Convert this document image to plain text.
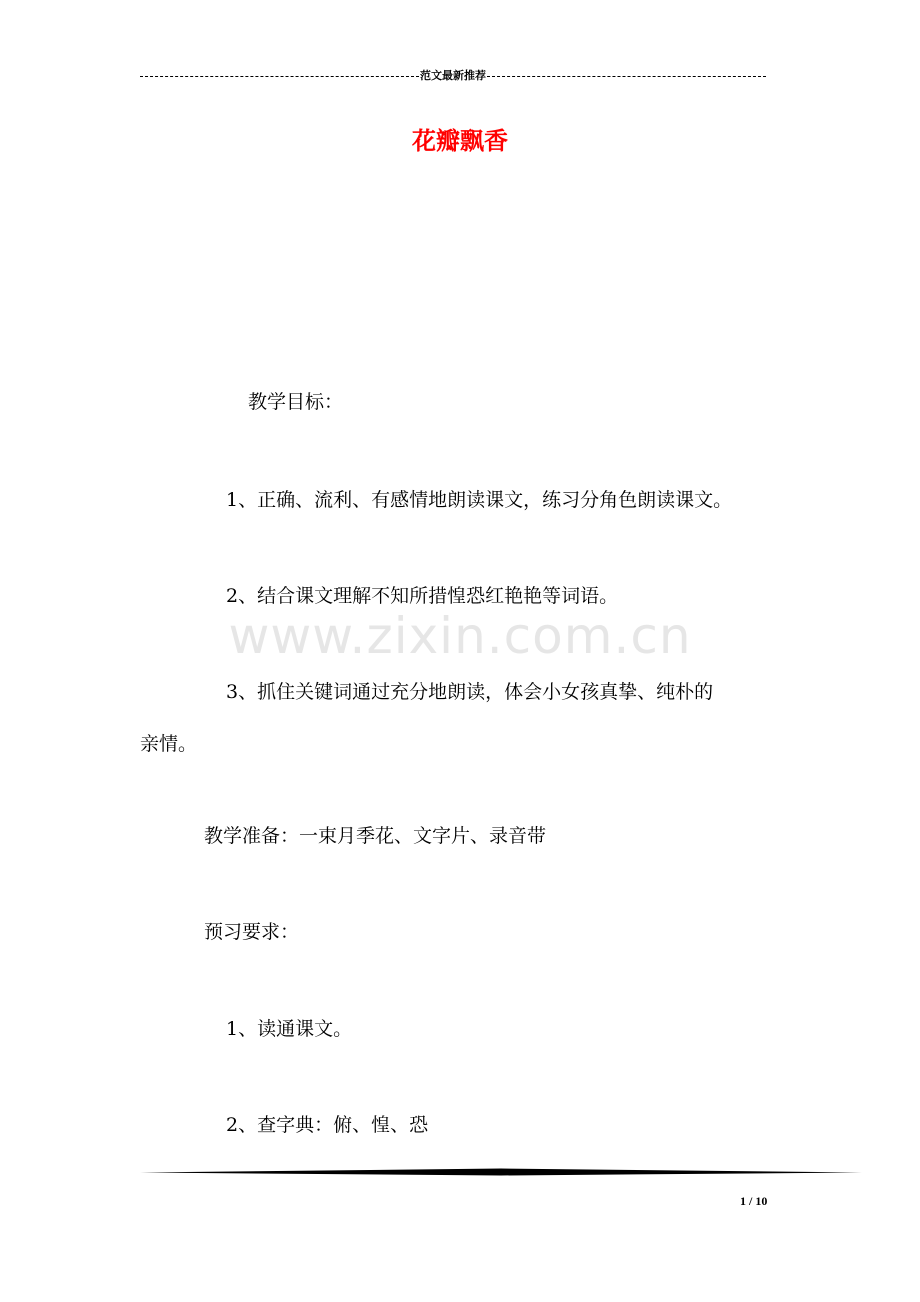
范文最新推荐
花瓣飘香
www.zixin.com.cn
教学目标：
1、正确、流利、有感情地朗读课文，练习分角色朗读课文。
2、结合课文理解不知所措惶恐红艳艳等词语。
3、抓住关键词通过充分地朗读，体会小女孩真挚、纯朴的
亲情。
教学准备：一束月季花、文字片、录音带
预习要求：
1、读通课文。
2、查字典：俯、惶、恐
1 / 10
